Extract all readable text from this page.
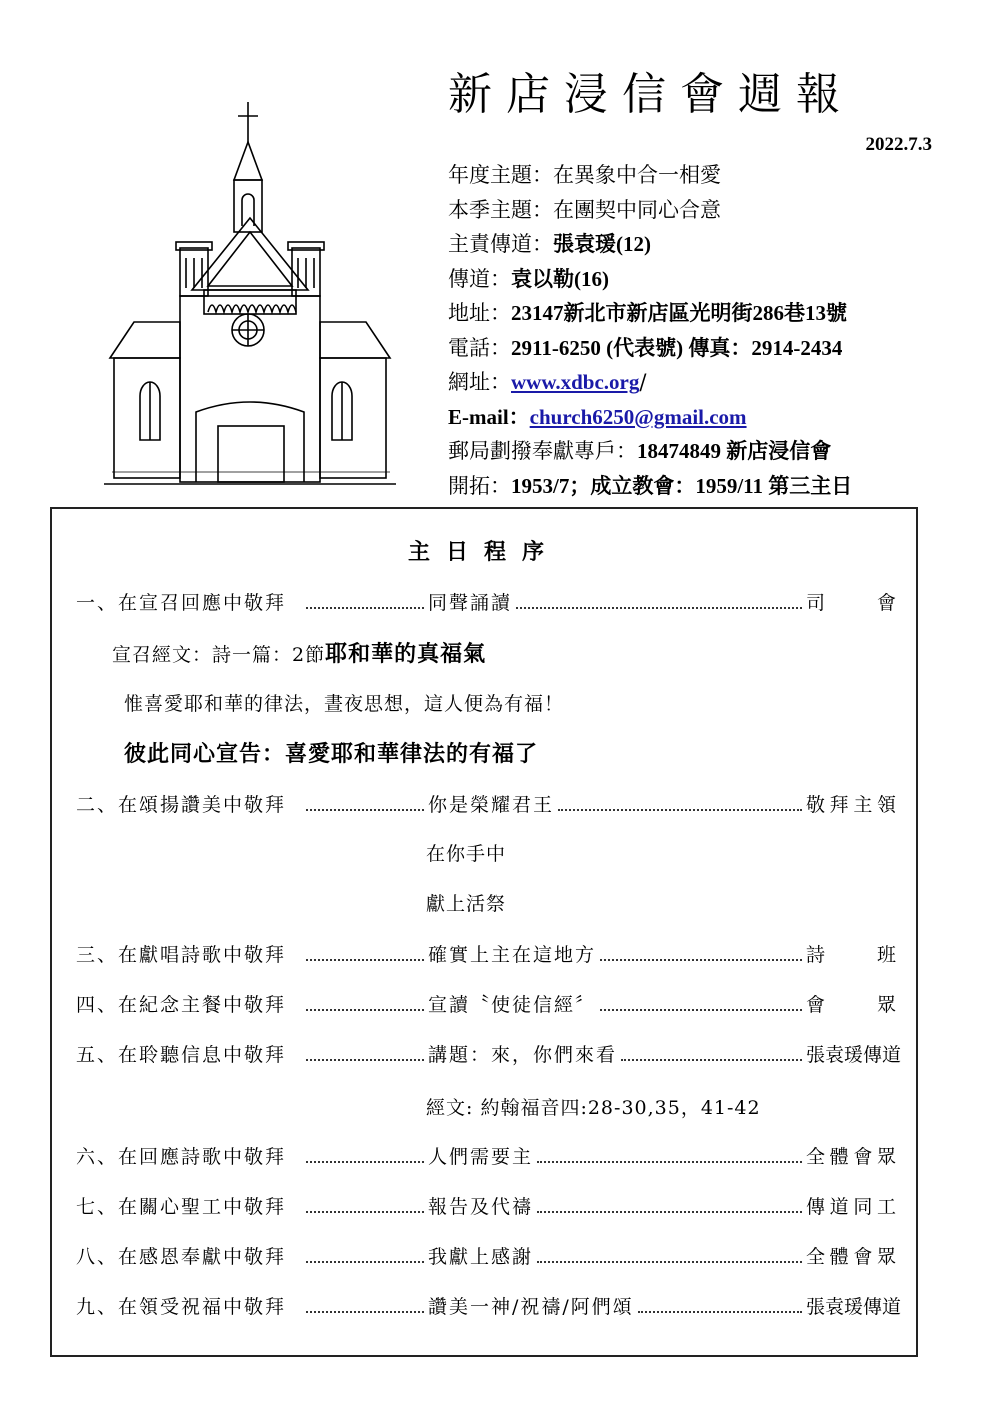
新店浸信會週報
2022.7.3
年度主題：在異象中合一相愛
本季主題：在團契中同心合意
主責傳道：張袁瑗(12)
傳道：袁以勒(16)
地址：23147新北市新店區光明街286巷13號
電話：2911-6250 (代表號) 傳真：2914-2434
網址：www.xdbc.org/
E-mail：church6250@gmail.com
郵局劃撥奉獻專戶：18474849 新店浸信會
開拓：1953/7；成立教會：1959/11 第三主日
主日程序
一、在宣召回應中敬拜	同聲誦讀	司　會
宣召經文：詩一篇：2節耶和華的真福氣
惟喜愛耶和華的律法，晝夜思想，這人便為有福！
彼此同心宣告：喜愛耶和華律法的有福了
二、在頌揚讚美中敬拜	你是榮耀君王	敬拜主領
在你手中
獻上活祭
三、在獻唱詩歌中敬拜	確實上主在這地方	詩　班
四、在紀念主餐中敬拜	宣讀〝使徒信經〞	會　眾
五、在聆聽信息中敬拜	講題：來，你們來看	張袁瑗傳道
經文: 約翰福音四:28-30,35，41-42
六、在回應詩歌中敬拜	人們需要主	全體會眾
七、在關心聖工中敬拜	報告及代禱	傳道同工
八、在感恩奉獻中敬拜	我獻上感謝	全體會眾
九、在領受祝福中敬拜	讚美一神/祝禱/阿們頌	張袁瑗傳道
